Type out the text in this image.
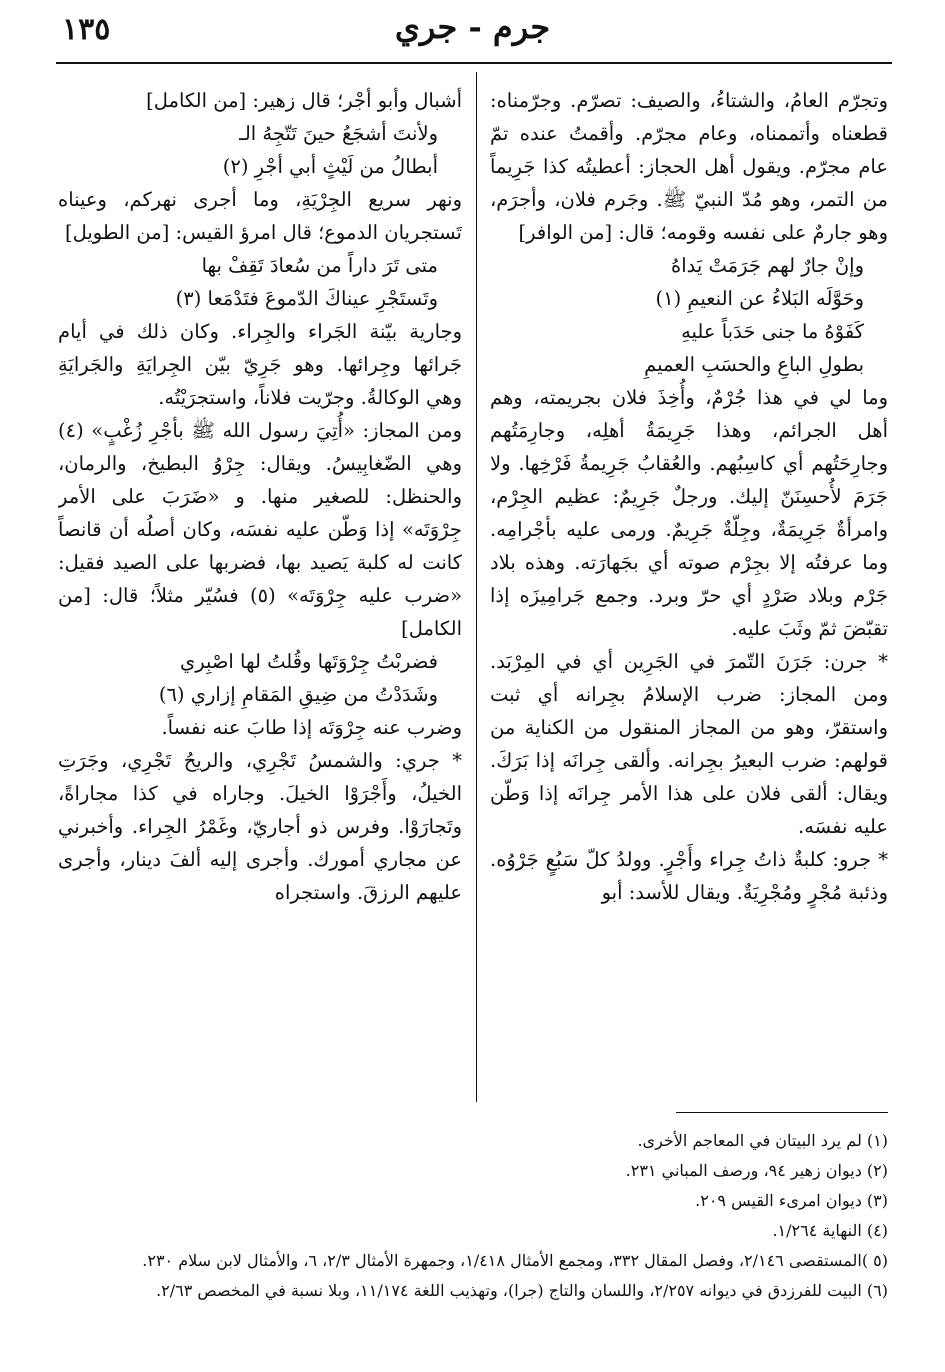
١٣٥	جرم - جري

وتجرّم العامُ، والشتاءُ، والصيف: تصرّم. وجرّمناه: قطعناه وأتممناه، وعام مجرّم. وأقمتُ عنده تمّ عام مجرّم. ويقول أهل الحجاز: أعطيتُه كذا جَرِيماً من التمر، وهو مُدّ النبيّ ﷺ. وجَرم فلان، وأجرَم، وهو جارمٌ على نفسه وقومه؛ قال: [من الوافر]

وإنْ جارٌ لهم جَرَمَتْ يَداهُ
وحَوَّلَه البَلاءُ عن النعيمِ (١)
كَفَوْهُ ما جنى حَدَباً عليهِ
بطولِ الباعِ والحسَبِ العميمِ

وما لي في هذا جُرْمٌ، وأُخِذَ فلان بجريمته، وهم أهل الجرائم، وهذا جَرِيمَةُ أهلِه، وجارِمَتُهم وجارِحَتُهم أي كاسِبُهم. والعُقابُ جَرِيمةُ فَرْخِها. ولا جَرَمَ لأُحسِنَنّ إليك. ورجلٌ جَرِيمٌ: عظيم الجِرْم، وامرأةٌ جَرِيمَةٌ، وجِلّةٌ جَرِيمٌ. ورمى عليه بأجْرامِه. وما عرفتُه إلا بجِرْم صوته أي بجَهارَته. وهذه بلاد جَرْم وبلاد صَرْدٍ أي حرّ وبرد. وجمع جَرامِيزَه إذا تقبّضَ ثمّ وثَبَ عليه.

* جرن: جَرَنَ التّمرَ في الجَرِين أي في المِرْبَد. ومن المجاز: ضرب الإسلامُ بجِرانه أي ثبت واستقرّ، وهو من المجاز المنقول من الكناية من قولهم: ضرب البعيرُ بجِرانه. وألقى جِرانَه إذا بَرَكَ. ويقال: ألقى فلان على هذا الأمر جِرانَه إذا وَطّن عليه نفسَه.

* جرو: كلبةٌ ذاتُ جِراء وأَجْرٍ. وولدُ كلّ سَبُعٍ جَرْوُه. وذئبة مُجْرٍ ومُجْرِيَةٌ. ويقال للأسد: أبو

أشبال وأبو أجْر؛ قال زهير: [من الكامل]

ولأنتَ أشجَعُ حينَ تَتّجِهُ الـ
أبطالُ من لَيْثٍ أبي أجْرِ (٢)

ونهر سريع الجِرْيَةِ، وما أجرى نهركم، وعيناه تَستجريان الدموع؛ قال امرؤ القيس: [من الطويل]

متى تَرَ داراً من سُعادَ تَقِفْ بها
وتَستَجْرِ عيناكَ الدّموعَ فتَدْمَعا (٣)

وجارية بيّنة الجَراء والجِراء. وكان ذلك في أيام جَرائها وجِرائها. وهو جَرِيّ بيّن الجِرايَةِ والجَرايَةِ وهي الوكالةُ. وجرّيت فلاناً، واستجرَيْتُه.

ومن المجاز: «أُتِيَ رسول الله ﷺ بأجْرِ زُغْبٍ» (٤) وهي الضّغابِيسُ. ويقال: جِرْوُ البطيخ، والرمان، والحنظل: للصغير منها. و «ضَرَبَ على الأمر جِرْوَتَه» إذا وَطّن عليه نفسَه، وكان أصلُه أن قانصاً كانت له كلبة يَصيد بها، فضربها على الصيد فقيل: «ضرب عليه جِرْوَتَه» (٥) فسُيّر مثلاً؛ قال: [من الكامل]

فضربْتُ جِرْوَتَها وقُلتُ لها اصْبِري
وشَدَدْتُ من ضِيقِ المَقامِ إزاري (٦)

وضرب عنه جِرْوَتَه إذا طابَ عنه نفساً.

* جري: والشمسُ تَجْرِي، والريحُ تَجْرِي، وجَرَتِ الخيلُ، وأَجْرَوْا الخيلَ. وجاراه في كذا مجاراةً، وتَجارَوْا. وفرس ذو أجاريّ، وغَمْرُ الجِراء. وأخبرني عن مجاري أمورك. وأجرى إليه ألفَ دينار، وأجرى عليهم الرزقَ. واستجراه

(١) لم يرد البيتان في المعاجم الأخرى.
(٢) ديوان زهير ٩٤، ورصف المباني ٢٣١.
(٣) ديوان امرىء القيس ٢٠٩.
(٤) النهاية ١/٢٦٤.
(٥ )المستقصى ٢/١٤٦، وفصل المقال ٣٣٢، ومجمع الأمثال ١/٤١٨، وجمهرة الأمثال ٢/٣، ٦، والأمثال لابن سلام ٢٣٠.
(٦) البيت للفرزدق في ديوانه ٢/٢٥٧، واللسان والتاج (جرا)، وتهذيب اللغة ١١/١٧٤، وبلا نسبة في المخصص ٢/٦٣.
